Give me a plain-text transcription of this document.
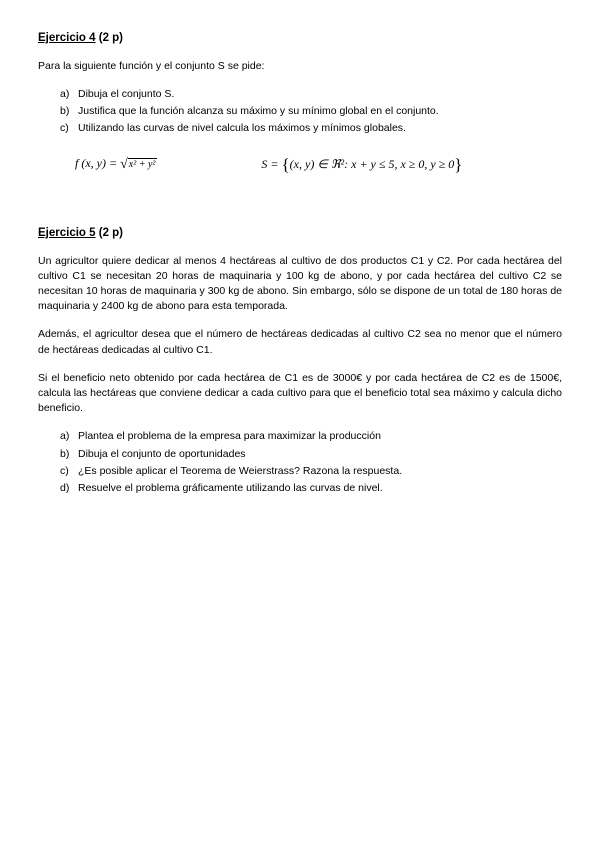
Ejercicio 4 (2 p)

Para la siguiente función y el conjunto S se pide:

a) Dibuja el conjunto S.
b) Justifica que la función alcanza su máximo y su mínimo global en el conjunto.
c) Utilizando las curvas de nivel calcula los máximos y mínimos globales.
f (x, y) = √x² + y²	S = {(x, y) ∈ ℜ²: x + y ≤ 5, x ≥ 0, y ≥ 0}

Ejercicio 5 (2 p)

Un agricultor quiere dedicar al menos 4 hectáreas al cultivo de dos productos C1 y C2. Por cada hectárea del cultivo C1 se necesitan 20 horas de maquinaria y 100 kg de abono, y por cada hectárea del cultivo C2 se necesitan 10 horas de maquinaria y 300 kg de abono. Sin embargo, sólo se dispone de un total de 180 horas de maquinaria y 2400 kg de abono para esta temporada.

Además, el agricultor desea que el número de hectáreas dedicadas al cultivo C2 sea no menor que el número de hectáreas dedicadas al cultivo C1.

Si el beneficio neto obtenido por cada hectárea de C1 es de 3000€ y por cada hectárea de C2 es de 1500€, calcula las hectáreas que conviene dedicar a cada cultivo para que el beneficio total sea máximo y calcula dicho beneficio.

a) Plantea el problema de la empresa para maximizar la producción
b) Dibuja el conjunto de oportunidades
c) ¿Es posible aplicar el Teorema de Weierstrass? Razona la respuesta.
d) Resuelve el problema gráficamente utilizando las curvas de nivel.
